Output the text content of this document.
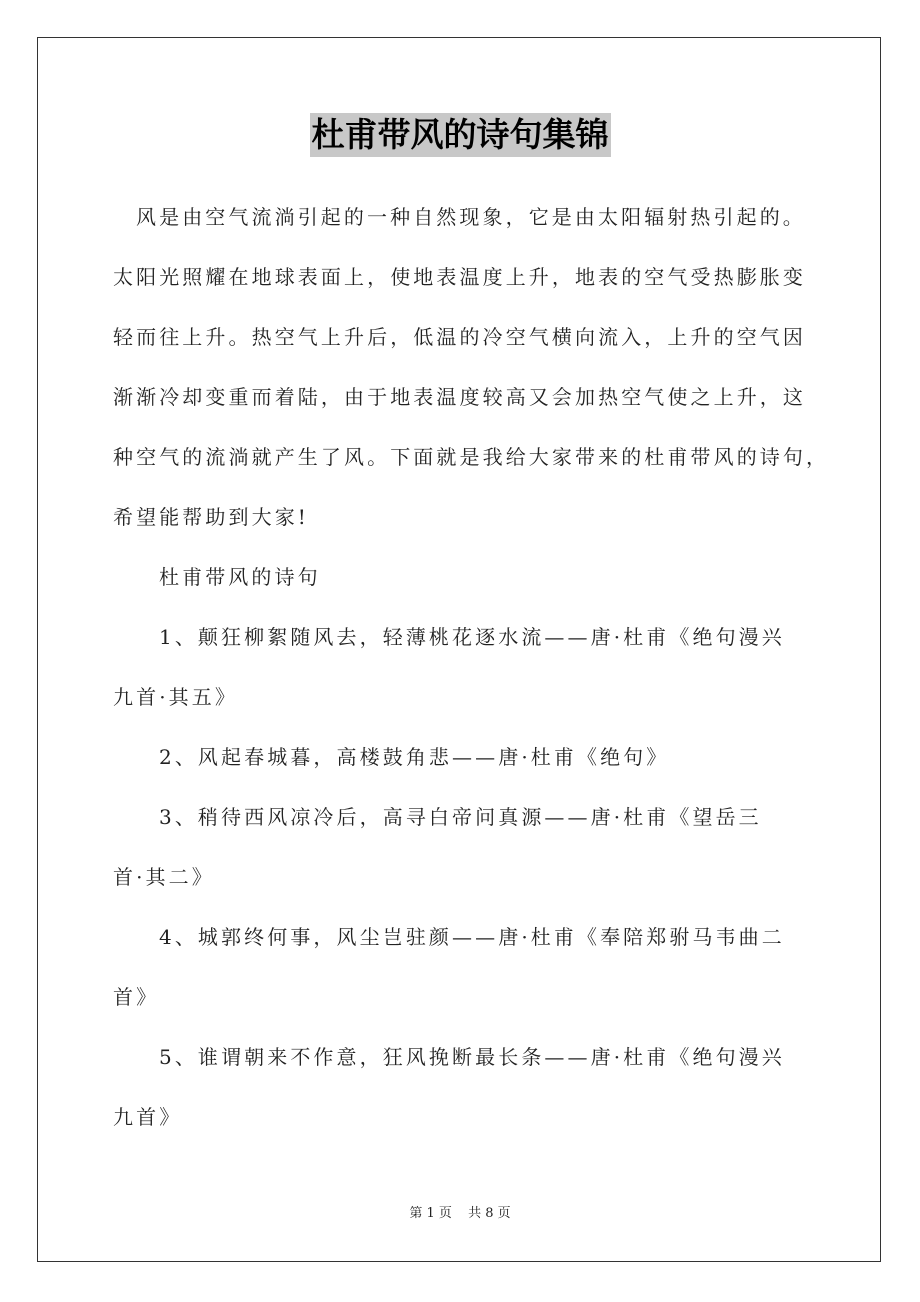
杜甫带风的诗句集锦
风是由空气流淌引起的一种自然现象，它是由太阳辐射热引起的。
太阳光照耀在地球表面上，使地表温度上升，地表的空气受热膨胀变
轻而往上升。热空气上升后，低温的冷空气横向流入，上升的空气因
渐渐冷却变重而着陆，由于地表温度较高又会加热空气使之上升，这
种空气的流淌就产生了风。下面就是我给大家带来的杜甫带风的诗句，
希望能帮助到大家!
杜甫带风的诗句
1、颠狂柳絮随风去，轻薄桃花逐水流——唐·杜甫《绝句漫兴
九首·其五》
2、风起春城暮，高楼鼓角悲——唐·杜甫《绝句》
3、稍待西风凉冷后，高寻白帝问真源——唐·杜甫《望岳三
首·其二》
4、城郭终何事，风尘岂驻颜——唐·杜甫《奉陪郑驸马韦曲二
首》
5、谁谓朝来不作意，狂风挽断最长条——唐·杜甫《绝句漫兴
九首》
第 1 页 共 8 页
